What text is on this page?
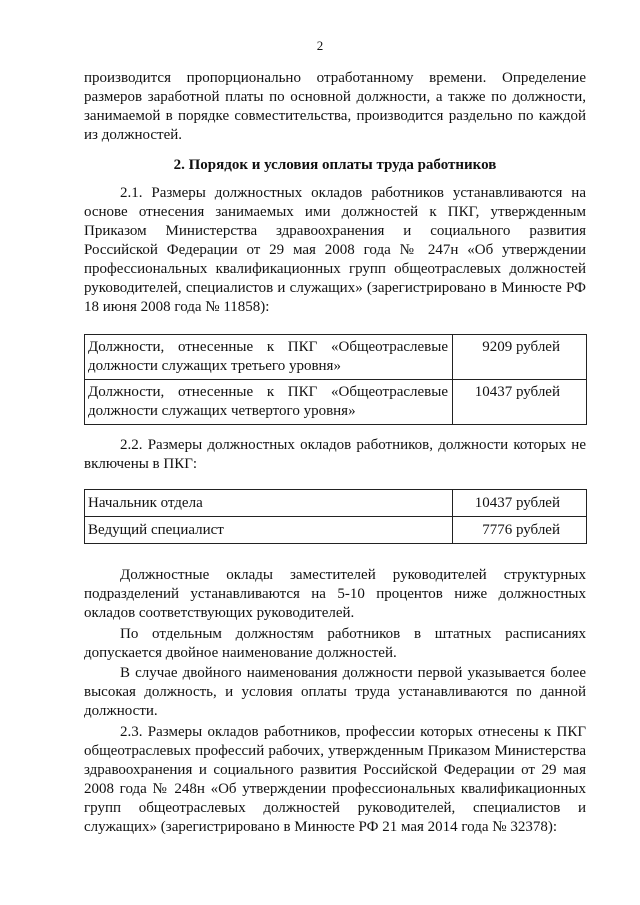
2

производится пропорционально отработанному времени. Определение размеров заработной платы по основной должности, а также по должности, занимаемой в порядке совместительства, производится раздельно по каждой из должностей.

2. Порядок и условия оплаты труда работников

2.1. Размеры должностных окладов работников устанавливаются на основе отнесения занимаемых ими должностей к ПКГ, утвержденным Приказом Министерства здравоохранения и социального развития Российской Федерации от 29 мая 2008 года № 247н «Об утверждении профессиональных квалификационных групп общеотраслевых должностей руководителей, специалистов и служащих» (зарегистрировано в Минюсте РФ 18 июня 2008 года № 11858):

Должности, отнесенные к ПКГ «Общеотраслевые должности служащих третьего уровня»	9209 рублей
Должности, отнесенные к ПКГ «Общеотраслевые должности служащих четвертого уровня»	10437 рублей

2.2. Размеры должностных окладов работников, должности которых не включены в ПКГ:

Начальник отдела	10437 рублей
Ведущий специалист	7776 рублей

Должностные оклады заместителей руководителей структурных подразделений устанавливаются на 5-10 процентов ниже должностных окладов соответствующих руководителей.

По отдельным должностям работников в штатных расписаниях допускается двойное наименование должностей.

В случае двойного наименования должности первой указывается более высокая должность, и условия оплаты труда устанавливаются по данной должности.

2.3. Размеры окладов работников, профессии которых отнесены к ПКГ общеотраслевых профессий рабочих, утвержденным Приказом Министерства здравоохранения и социального развития Российской Федерации от 29 мая 2008 года № 248н «Об утверждении профессиональных квалификационных групп общеотраслевых должностей руководителей, специалистов и служащих» (зарегистрировано в Минюсте РФ 21 мая 2014 года № 32378):
